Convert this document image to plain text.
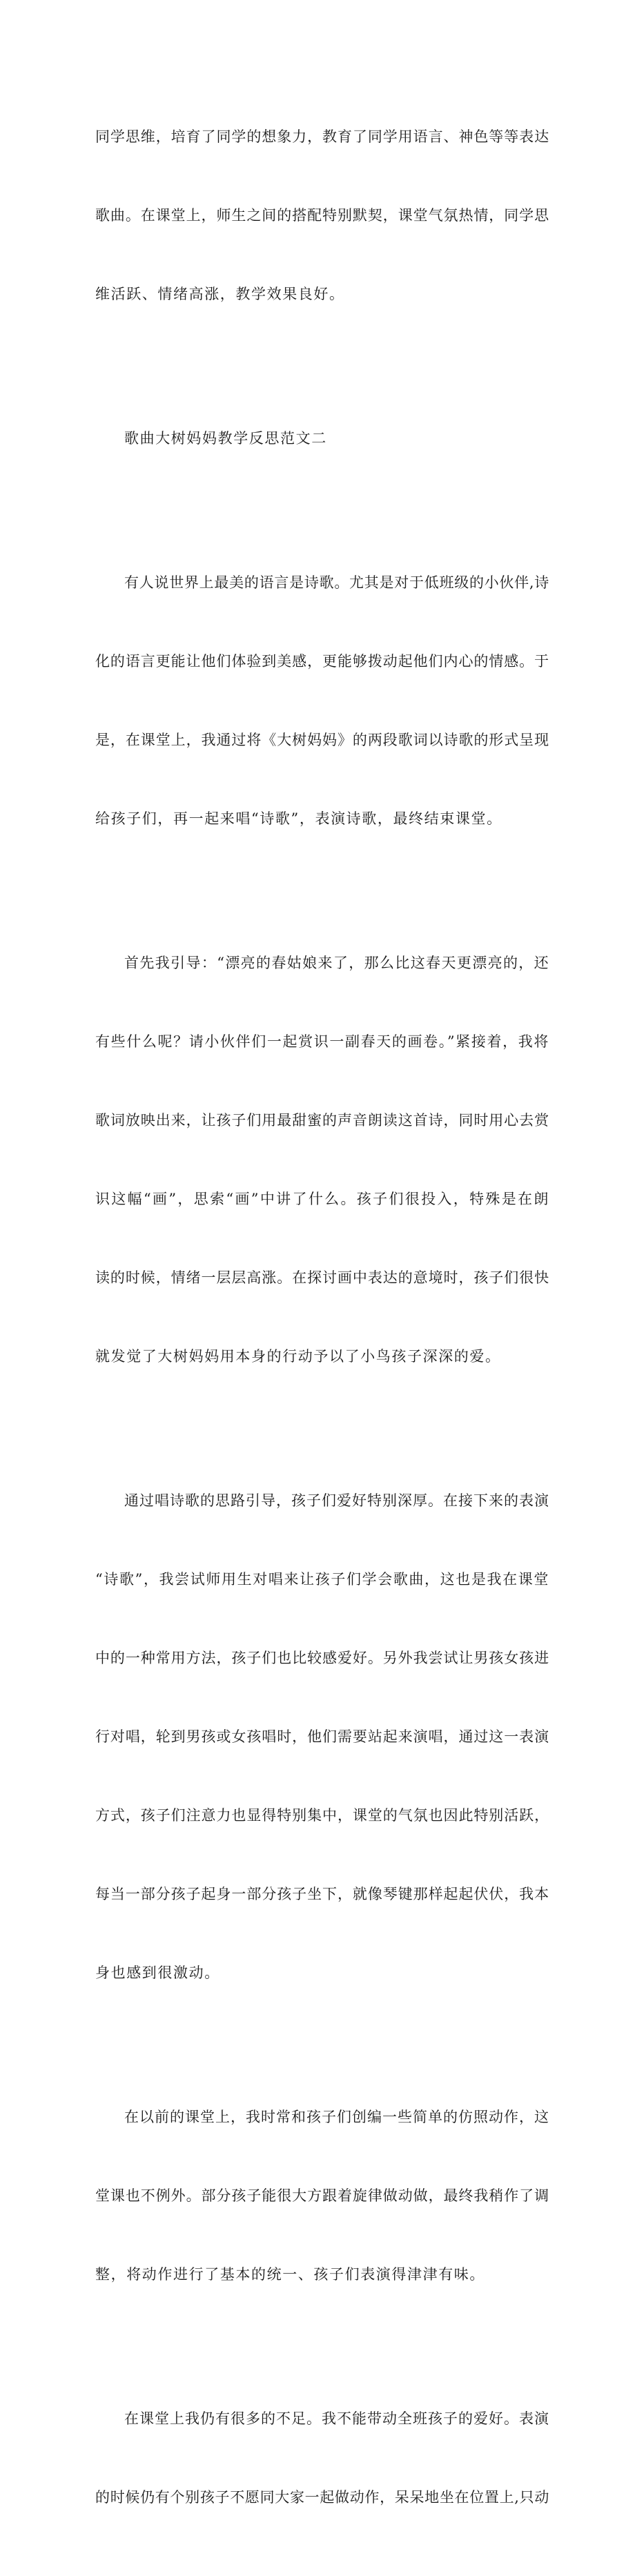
同学思维，培育了同学的想象力，教育了同学用语言、神色等等表达

歌曲。在课堂上，师生之间的搭配特别默契，课堂气氛热情，同学思

维活跃、情绪高涨，教学效果良好。

歌曲大树妈妈教学反思范文二

有人说世界上最美的语言是诗歌。尤其是对于低班级的小伙伴,诗

化的语言更能让他们体验到美感，更能够拨动起他们内心的情感。于

是，在课堂上，我通过将《大树妈妈》的两段歌词以诗歌的形式呈现

给孩子们，再一起来唱“诗歌”，表演诗歌，最终结束课堂。

首先我引导：“漂亮的春姑娘来了，那么比这春天更漂亮的，还

有些什么呢？请小伙伴们一起赏识一副春天的画卷。”紧接着，我将

歌词放映出来，让孩子们用最甜蜜的声音朗读这首诗，同时用心去赏

识这幅“画”，思索“画”中讲了什么。孩子们很投入，特殊是在朗

读的时候，情绪一层层高涨。在探讨画中表达的意境时，孩子们很快

就发觉了大树妈妈用本身的行动予以了小鸟孩子深深的爱。

通过唱诗歌的思路引导，孩子们爱好特别深厚。在接下来的表演

“诗歌”，我尝试师用生对唱来让孩子们学会歌曲，这也是我在课堂

中的一种常用方法，孩子们也比较感爱好。另外我尝试让男孩女孩进

行对唱，轮到男孩或女孩唱时，他们需要站起来演唱，通过这一表演

方式，孩子们注意力也显得特别集中，课堂的气氛也因此特别活跃，

每当一部分孩子起身一部分孩子坐下，就像琴键那样起起伏伏，我本

身也感到很激动。

在以前的课堂上，我时常和孩子们创编一些简单的仿照动作，这

堂课也不例外。部分孩子能很大方跟着旋律做动做，最终我稍作了调

整，将动作进行了基本的统一、孩子们表演得津津有味。

在课堂上我仍有很多的不足。我不能带动全班孩子的爱好。表演

的时候仍有个别孩子不愿同大家一起做动作，呆呆地坐在位置上,只动
